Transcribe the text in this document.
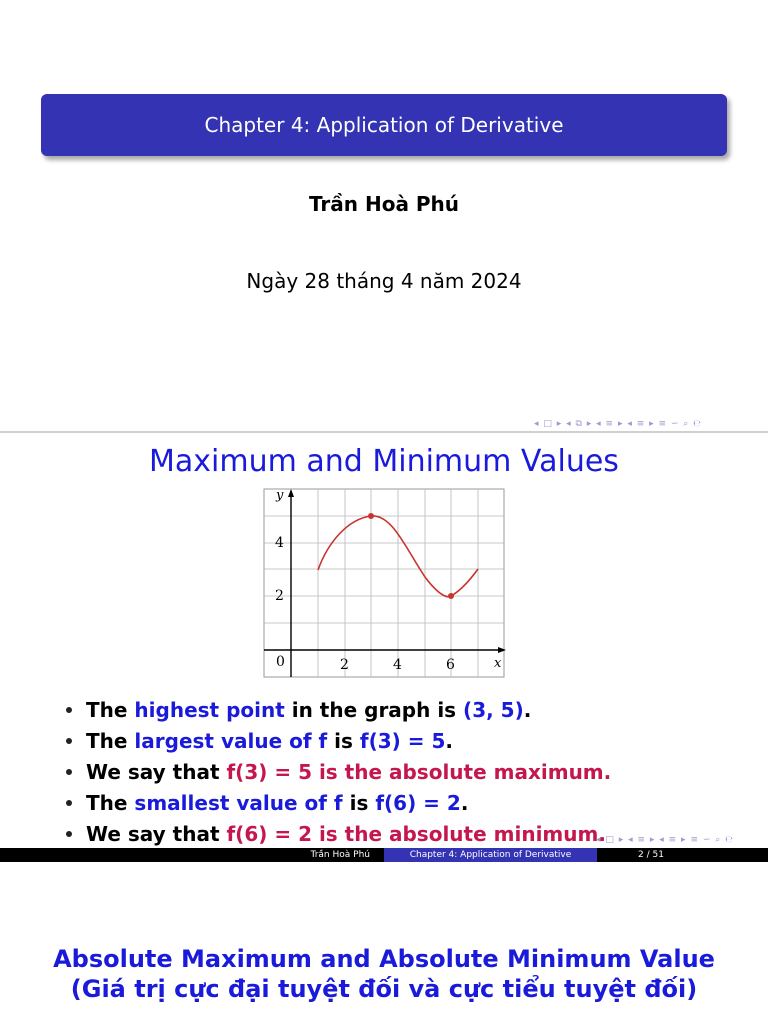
Chapter 4: Application of Derivative
Trần Hoà Phú
Ngày 28 tháng 4 năm 2024
◂ □ ▸ ◂ ⧉ ▸ ◂ ≡ ▸ ◂ ≡ ▸ ≡ ∽ ⌕ ℮
Maximum and Minimum Values
y
x
0	2	4	6
2
4
The highest point in the graph is (3, 5) .
The largest value of f is f(3) = 5 .
We say that f(3) = 5 is the absolute maximum.
The smallest value of f is f(6) = 2 .
We say that f(6) = 2 is the absolute minimum.
◂ □ ▸ ◂ ≡ ▸ ◂ ≡ ▸ ≡ ∽ ⌕ ℮
Trần Hoà Phú	Chapter 4: Application of Derivative	2 / 51
Absolute Maximum and Absolute Minimum Value
(Giá trị cực đại tuyệt đối và cực tiểu tuyệt đối)
